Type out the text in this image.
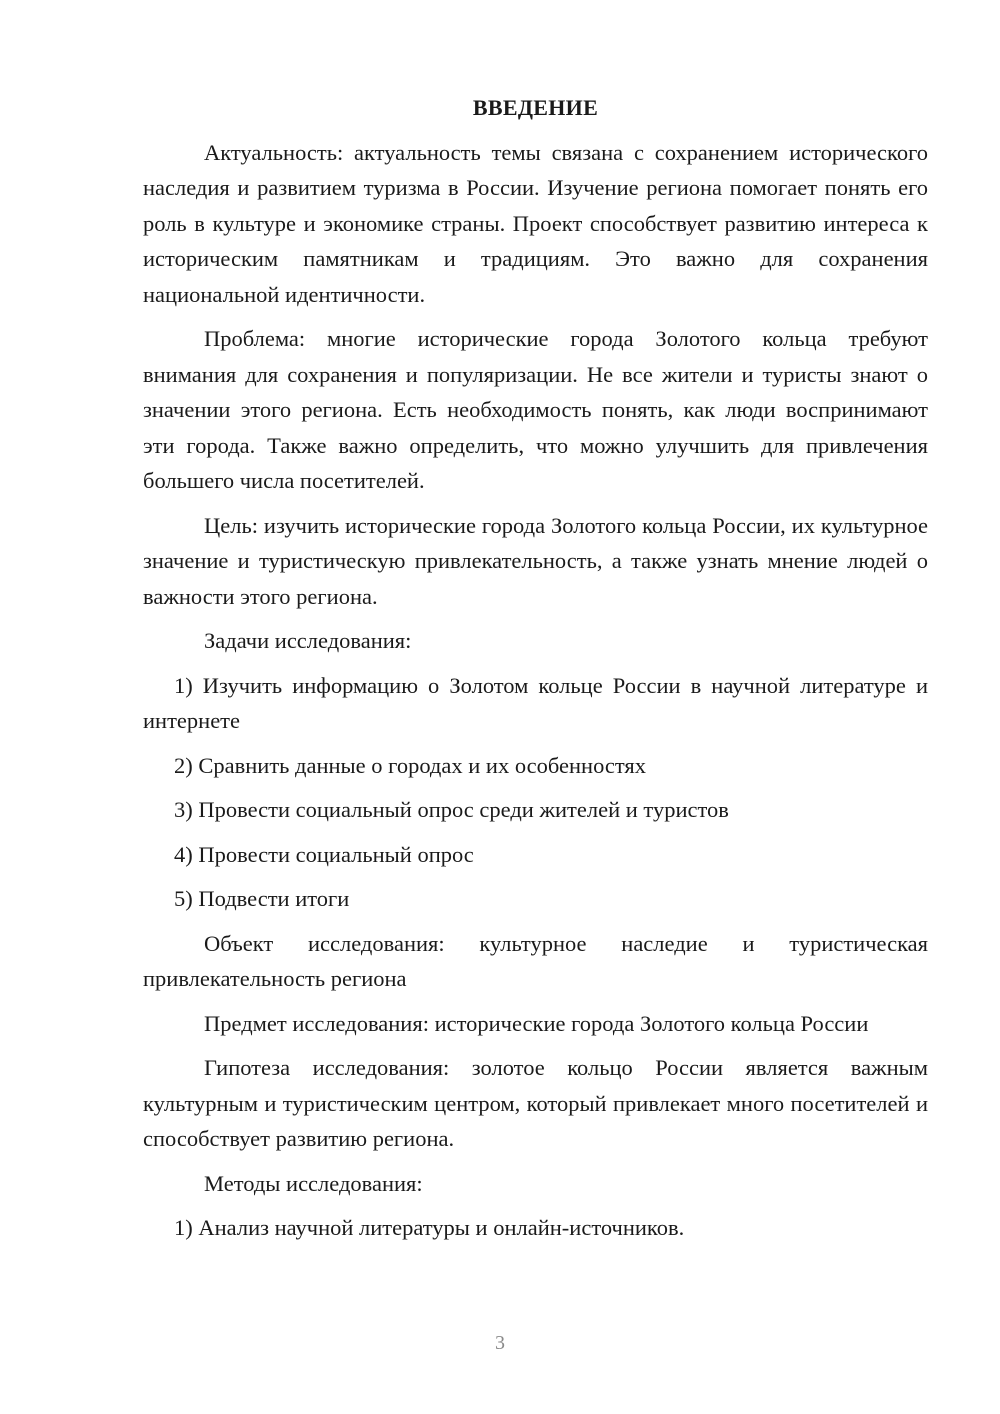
ВВЕДЕНИЕ

Актуальность: актуальность темы связана с сохранением исторического наследия и развитием туризма в России. Изучение региона помогает понять его роль в культуре и экономике страны. Проект способствует развитию интереса к историческим памятникам и традициям. Это важно для сохранения национальной идентичности.

Проблема: многие исторические города Золотого кольца требуют внимания для сохранения и популяризации. Не все жители и туристы знают о значении этого региона. Есть необходимость понять, как люди воспринимают эти города. Также важно определить, что можно улучшить для привлечения большего числа посетителей.

Цель: изучить исторические города Золотого кольца России, их культурное значение и туристическую привлекательность, а также узнать мнение людей о важности этого региона.

Задачи исследования:

1) Изучить информацию о Золотом кольце России в научной литературе и интернете

2) Сравнить данные о городах и их особенностях

3) Провести социальный опрос среди жителей и туристов

4) Провести социальный опрос

5) Подвести итоги

Объект исследования: культурное наследие и туристическая привлекательность региона

Предмет исследования: исторические города Золотого кольца России

Гипотеза исследования: золотое кольцо России является важным культурным и туристическим центром, который привлекает много посетителей и способствует развитию региона.

Методы исследования:

1) Анализ научной литературы и онлайн-источников.

3
